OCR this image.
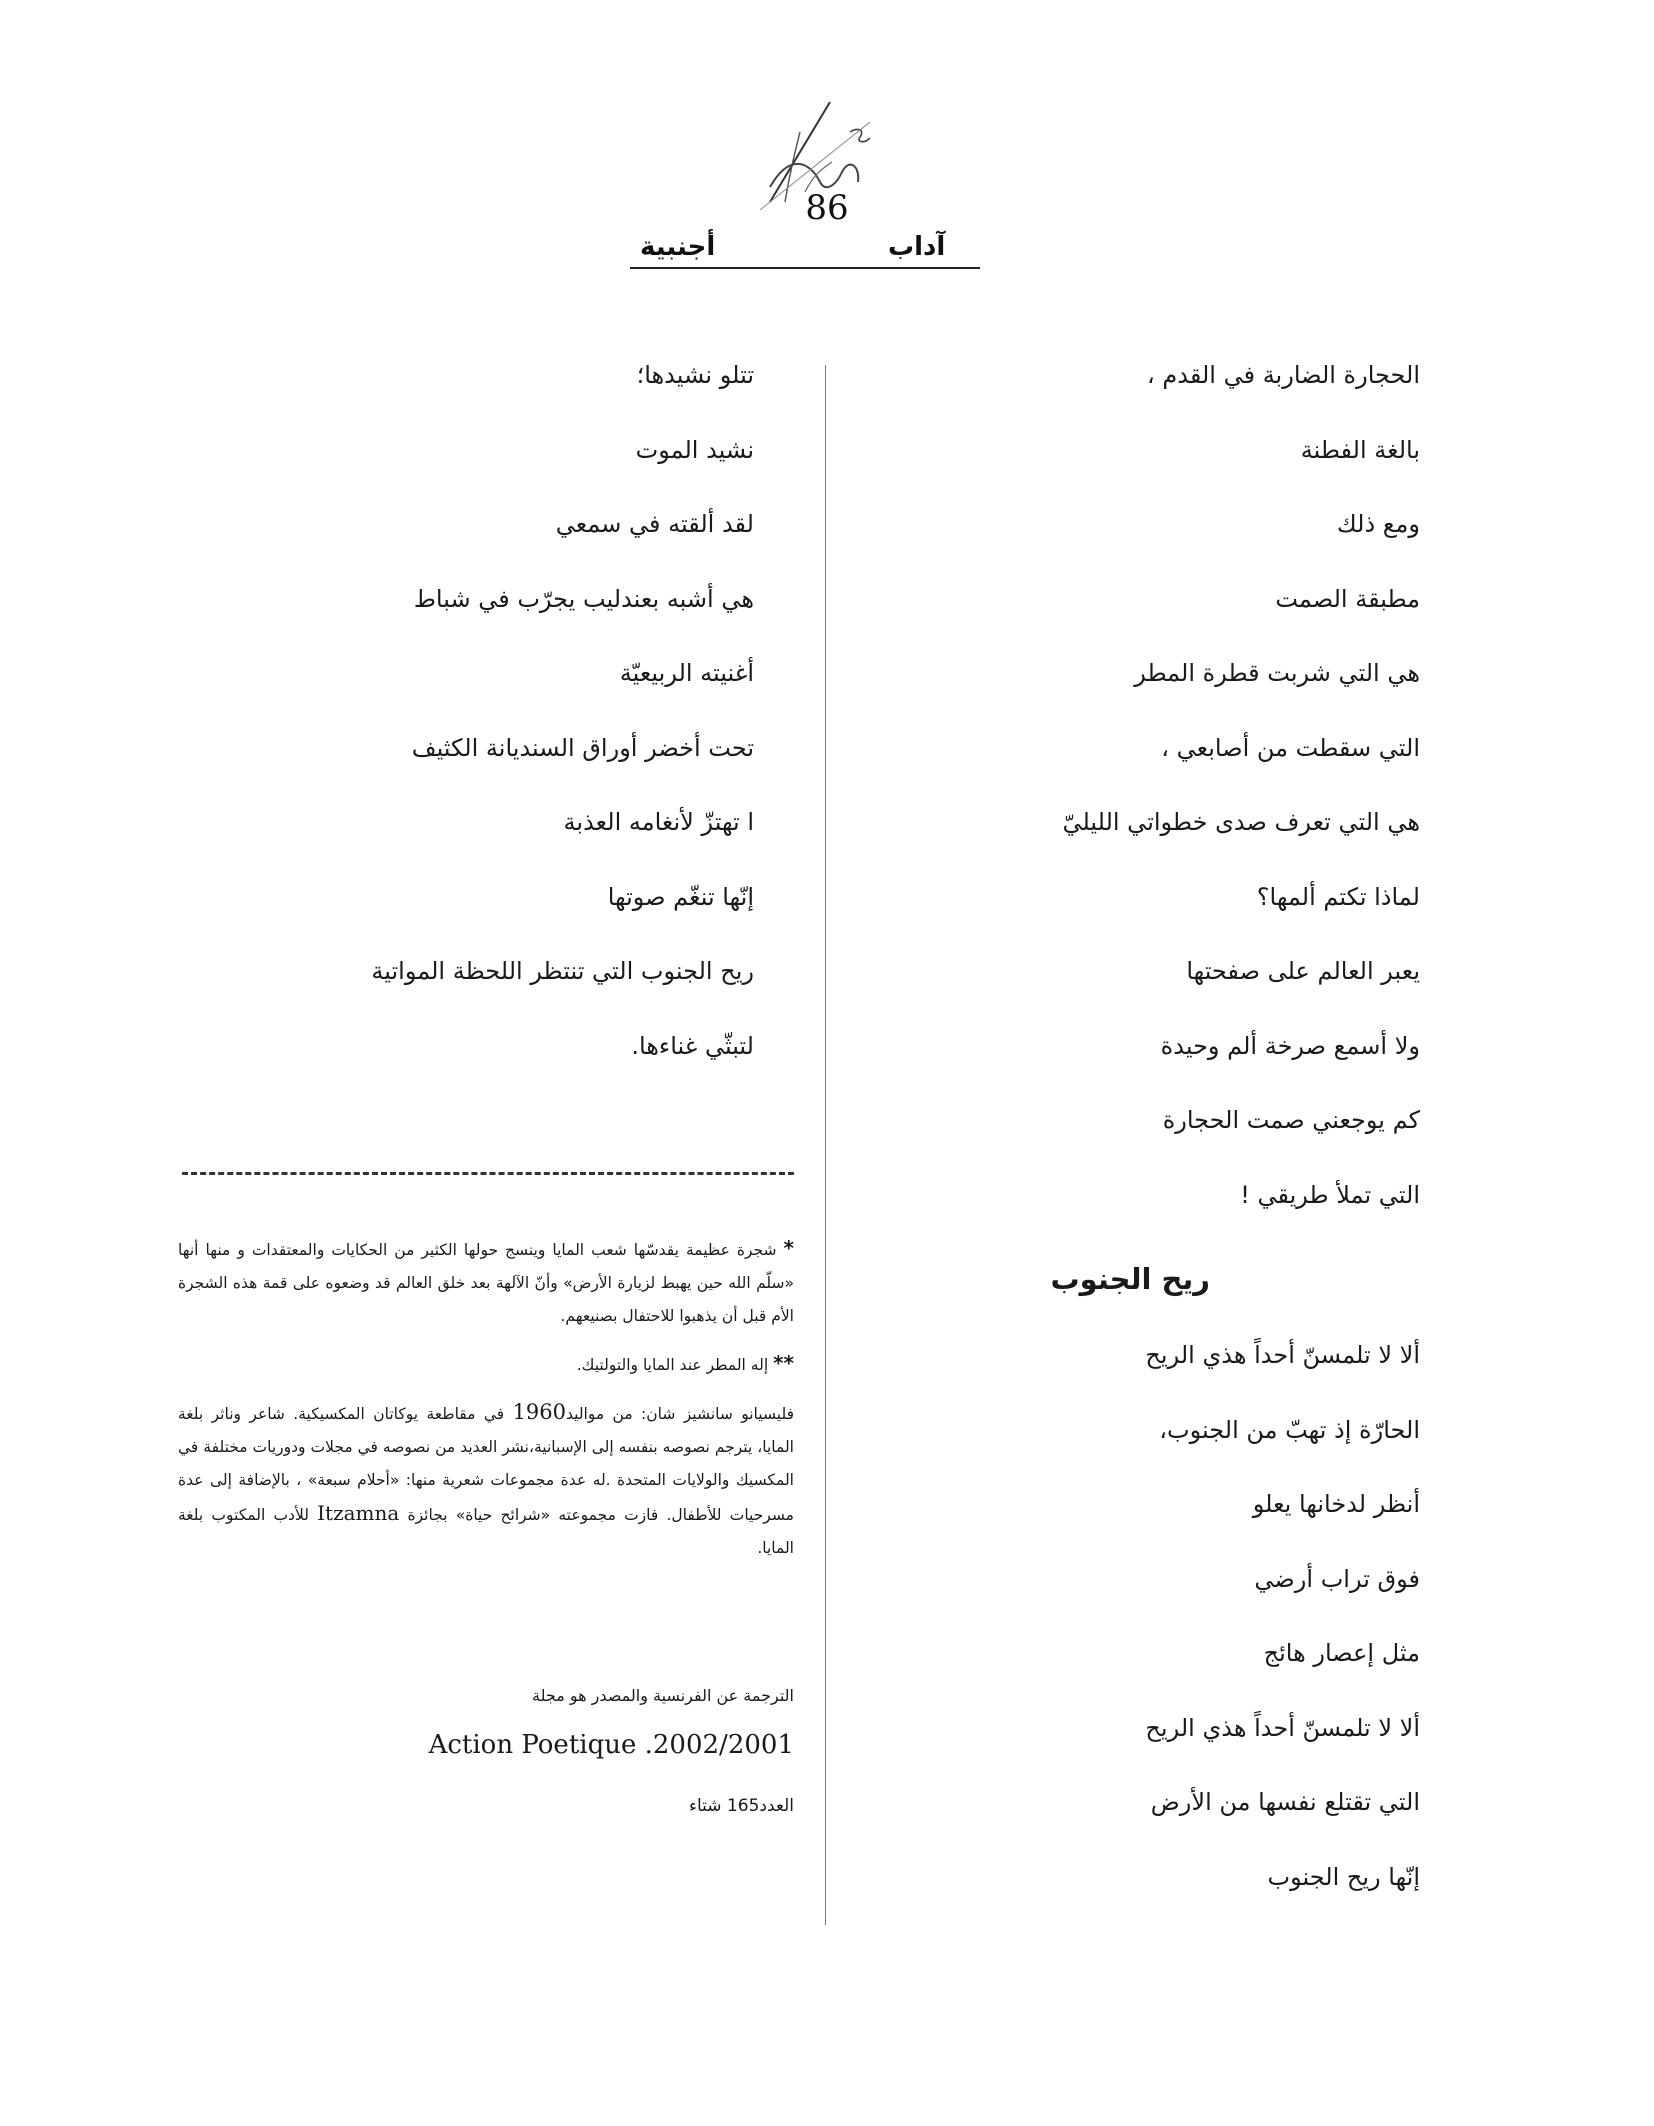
آداب
أجنبية
86
الحجارة الضاربة في القدم ،
بالغة الفطنة
ومع ذلك
مطبقة الصمت
هي التي شربت قطرة المطر
التي سقطت من أصابعي ،
هي التي تعرف صدى خطواتي الليليّ
لماذا تكتم ألمها؟
يعبر العالم على صفحتها
ولا أسمع صرخة ألم وحيدة
كم يوجعني صمت الحجارة
التي تملأ طريقي !
ريح الجنوب
ألا لا تلمسنّ أحداً هذي الريح
الحارّة إذ تهبّ من الجنوب،
أنظر لدخانها يعلو
فوق تراب أرضي
مثل إعصار هائج
ألا لا تلمسنّ أحداً هذي الريح
التي تقتلع نفسها من الأرض
إنّها ريح الجنوب
تتلو نشيدها؛
نشيد الموت
لقد ألقته في سمعي
هي أشبه بعندليب يجرّب في شباط
أغنيته الربيعيّة
تحت أخضر أوراق السنديانة الكثيف
ا تهتزّ لأنغامه العذبة
إنّها تنغّم صوتها
ريح الجنوب التي تنتظر اللحظة المواتية
لتبثّي غناءها.
* شجرة عظيمة يقدسّها شعب المايا وينسج حولها الكثير من الحكايات والمعتقدات و منها أنها «سلّم الله حين يهبط لزيارة الأرض» وأنّ الآلهة بعد خلق العالم قد وضعوه على قمة هذه الشجرة الأم قبل أن يذهبوا للاحتفال بصنيعهم.
** إله المطر عند المايا والتولتيك.
فليسيانو سانشيز شان: من مواليد1960 في مقاطعة يوكاتان المكسيكية. شاعر وناثر بلغة المايا، يترجم نصوصه بنفسه إلى الإسبانية،نشر العديد من نصوصه في مجلات ودوريات مختلفة في المكسيك والولايات المتحدة .له عدة مجموعات شعرية منها: «أحلام سبعة» ، بالإضافة إلى عدة مسرحيات للأطفال. فازت مجموعته «شرائح حياة» بجائزة Itzamna للأدب المكتوب بلغة المايا.
الترجمة عن الفرنسية والمصدر هو مجلة
Action Poetique .2002/2001
العدد165 شتاء
